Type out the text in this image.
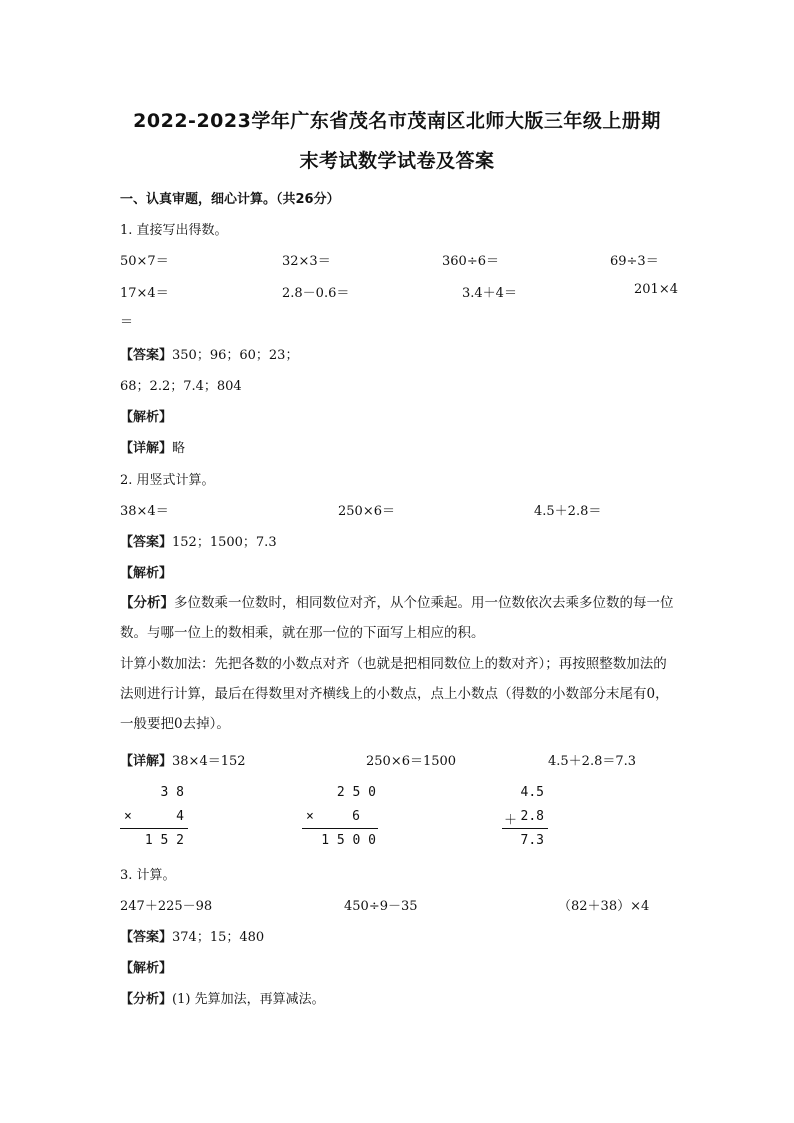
2022-2023学年广东省茂名市茂南区北师大版三年级上册期
末考试数学试卷及答案
一、认真审题，细心计算。（共26分）
1. 直接写出得数。
50×7＝	32×3＝	360÷6＝	69÷3＝
17×4＝	2.8－0.6＝	3.4＋4＝	201×4
＝
【答案】350；96；60；23；
68；2.2；7.4；804
【解析】
【详解】略
2. 用竖式计算。
38×4＝	250×6＝	4.5＋2.8＝
【答案】152；1500；7.3
【解析】
【分析】多位数乘一位数时，相同数位对齐，从个位乘起。用一位数依次去乘多位数的每一位数。与哪一位上的数相乘，就在那一位的下面写上相应的积。
计算小数加法：先把各数的小数点对齐（也就是把相同数位上的数对齐）；再按照整数加法的法则进行计算，最后在得数里对齐横线上的小数点，点上小数点（得数的小数部分末尾有0，一般要把0去掉）。
【详解】38×4＝152	250×6＝1500	4.5＋2.8＝7.3
3 8
×	4
1 5 2
2 5 0
×	6
1 5 0 0
4.5
＋ 2.8
7.3
3. 计算。
247＋225－98	450÷9－35	（82＋38）×4
【答案】374；15；480
【解析】
【分析】(1) 先算加法，再算减法。
